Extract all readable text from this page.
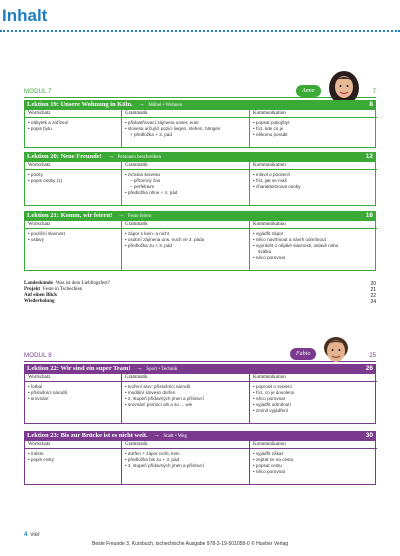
Inhalt
MODUL 7	7
Anna
Lektion 19: Unsere Wohnung in Köln. → Möbel • Wohnen	8
Wortschatz
• nábytek a zařízení
• popis bytu
Grammatik
• přivlastňovací zájmena unser, euer
• slovesa určující pozici liegen, stehen, hängen
+ předložka + 3. pád
Kommunikation
• popsat pokoj/byt
• říct, kde co je
• někomu poradit
Lektion 20: Neue Freunde! → Personen beschreiben	12
Wortschatz
• pocity
• popis osoby (1)
Grammatik
• zvratná slovesa
– přítomný čas
– perfektum
• předložka ohne + 4. pád
Kommunikation
• mluvit o pocitech
• říct, jak se máš
• charakterizovat osoby
Lektion 21: Komm, wir feiern! → Feste feiern	16
Wortschatz
• pouliční slavnost
• oslavy
Grammatik
• zápor s kein- a nicht
• osobní zájmena uns, euch ve 3. pádu
• předložka zu + 3. pád
Kommunikation
• vyjádřit zápor
• něco navrhnout a návrh odmítnout
• vyprávět o nějaké slavnosti, oslavě nebo
svátku
• něco porovnat
Landeskunde Was ist dein Lieblingsfest?	20
Projekt Feste in Tschechien	21
Auf einen Blick	22
Wiederholung	24
MODUL 8	25
Fabio
Lektion 22: Wir sind ein super Team! → Sport • Technik	26
Wortschatz
• fotbal
• příslušníci národů
• srovnání
Grammatik
• tvoření slov: příslušníci národů
• modální sloveso dürfen
• 2. stupeň přídavných jmen a příslovcí
• srovnání pomocí als a so ... wie
Kommunikation
• poprosit o svolení
• říct, co je dovoleno
• něco porovnat
• vyjádřit odmítnutí
• zmínit vyjádření
Lektion 23: Bis zur Brücke ist es nicht weit. → Stadt • Weg	30
Wortschatz
• město
• popis cesty
Grammatik
• dürfen + zápor nicht, kein
• předložka bis zu + 3. pád
• 3. stupeň přídavných jmen a příslovcí
Kommunikation
• vyjádřit zákaz
• zeptat se na cestu
• popsat cestu
• něco porovnat
4 vier
Beste Freunde 3, Kursbuch, tschechische Ausgabe 978-3-19-501058-0 © Hueber Verlag
